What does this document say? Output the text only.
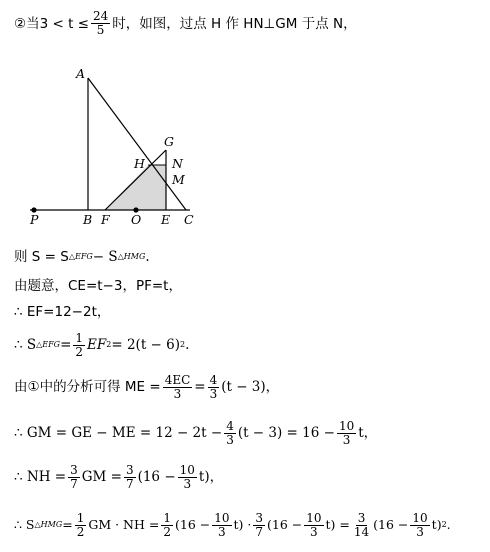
②当$3 < t \le \frac{24}{5}$ 时，如图，过点 H 作 HN⊥GM 于点 N，
A
G
H N
M
P	B F O E C
则 S = S △EFG − S △HMG .
由题意，CE=t−3，PF=t，
∴ EF=12−2t，
∴ S △EFG = $\frac{1}{2}$ EF 2 = 2(t − 6) 2 .
由①中的分析可得 ME = $\frac{4EC}{3} = \frac{4}{3} (t - 3)$，
∴ GM = GE − ME = $12 - 2t - \frac{4}{3} (t - 3) = 16 - \frac{10}{3}$ t，
∴ NH = $\frac{3}{7}$ GM = $\frac{3}{7} (16 - \frac{10}{3} t)$，
∴ S △HMG = $\frac{1}{2}$ GM · NH = $\frac{1}{2} (16 - \frac{10}{3} t) \cdot \frac{3}{7} (16 - \frac{10}{3} t) = \frac{3}{14} (16 - \frac{10}{3} t)$ 2 .
